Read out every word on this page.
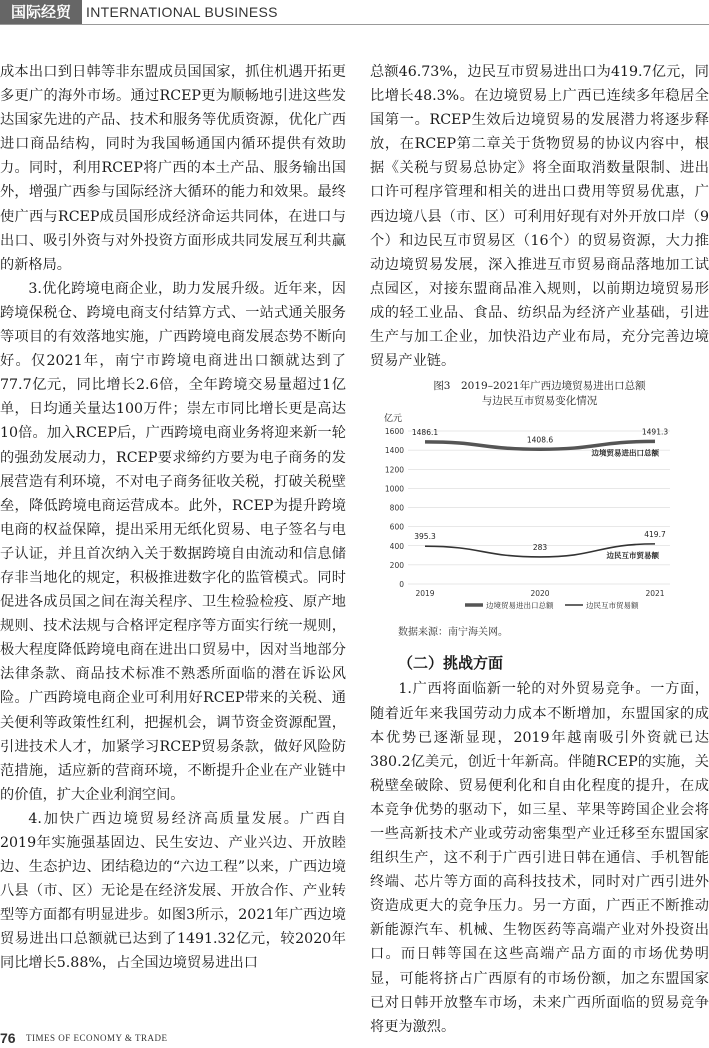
国际经贸	INTERNATIONAL BUSINESS

成本出口到日韩等非东盟成员国国家，抓住机遇开拓更多更广的海外市场。通过RCEP更为顺畅地引进这些发达国家先进的产品、技术和服务等优质资源，优化广西进口商品结构，同时为我国畅通国内循环提供有效助力。同时，利用RCEP将广西的本土产品、服务输出国外，增强广西参与国际经济大循环的能力和效果。最终使广西与RCEP成员国形成经济命运共同体，在进口与出口、吸引外资与对外投资方面形成共同发展互利共赢的新格局。

3.优化跨境电商企业，助力发展升级。近年来，因跨境保税仓、跨境电商支付结算方式、一站式通关服务等项目的有效落地实施，广西跨境电商发展态势不断向好。仅2021年，南宁市跨境电商进出口额就达到了77.7亿元，同比增长2.6倍，全年跨境交易量超过1亿单，日均通关量达100万件；崇左市同比增长更是高达10倍。加入RCEP后，广西跨境电商业务将迎来新一轮的强劲发展动力，RCEP要求缔约方要为电子商务的发展营造有利环境，不对电子商务征收关税，打破关税壁垒，降低跨境电商运营成本。此外，RCEP为提升跨境电商的权益保障，提出采用无纸化贸易、电子签名与电子认证，并且首次纳入关于数据跨境自由流动和信息储存非当地化的规定，积极推进数字化的监管模式。同时促进各成员国之间在海关程序、卫生检验检疫、原产地规则、技术法规与合格评定程序等方面实行统一规则，极大程度降低跨境电商在进出口贸易中，因对当地部分法律条款、商品技术标准不熟悉所面临的潜在诉讼风险。广西跨境电商企业可利用好RCEP带来的关税、通关便利等政策性红利，把握机会，调节资金资源配置，引进技术人才，加紧学习RCEP贸易条款，做好风险防范措施，适应新的营商环境，不断提升企业在产业链中的价值，扩大企业利润空间。

4.加快广西边境贸易经济高质量发展。广西自2019年实施强基固边、民生安边、产业兴边、开放睦边、生态护边、团结稳边的“六边工程”以来，广西边境八县（市、区）无论是在经济发展、开放合作、产业转型等方面都有明显进步。如图3所示，2021年广西边境贸易进出口总额就已达到了1491.32亿元，较2020年同比增长5.88%，占全国边境贸易进出口

总额46.73%，边民互市贸易进出口为419.7亿元，同比增长48.3%。在边境贸易上广西已连续多年稳居全国第一。RCEP生效后边境贸易的发展潜力将逐步释放，在RCEP第二章关于货物贸易的协议内容中，根据《关税与贸易总协定》将全面取消数量限制、进出口许可程序管理和相关的进出口费用等贸易优惠，广西边境八县（市、区）可利用好现有对外开放口岸（9个）和边民互市贸易区（16个）的贸易资源，大力推动边境贸易发展，深入推进互市贸易商品落地加工试点园区，对接东盟商品准入规则，以前期边境贸易形成的轻工业品、食品、纺织品为经济产业基础，引进生产与加工企业，加快沿边产业布局，充分完善边境贸易产业链。

图3　2019–2021年广西边境贸易进出口总额
与边民互市贸易变化情况
亿元
0
200
400
600
800
1000
1200
1400
1600
2019	2020	2021
1486.1
1408.6
1491.3
边境贸易进出口总额
395.3
283
419.7
边民互市贸易额
边境贸易进出口总额	边民互市贸易额
数据来源：南宁海关网。
（二）挑战方面

1.广西将面临新一轮的对外贸易竞争。一方面，随着近年来我国劳动力成本不断增加，东盟国家的成本优势已逐渐显现，2019年越南吸引外资就已达380.2亿美元，创近十年新高。伴随RCEP的实施，关税壁垒破除、贸易便利化和自由化程度的提升，在成本竞争优势的驱动下，如三星、苹果等跨国企业会将一些高新技术产业或劳动密集型产业迁移至东盟国家组织生产，这不利于广西引进日韩在通信、手机智能终端、芯片等方面的高科技技术，同时对广西引进外资造成更大的竞争压力。另一方面，广西正不断推动新能源汽车、机械、生物医药等高端产业对外投资出口。而日韩等国在这些高端产品方面的市场优势明显，可能将挤占广西原有的市场份额，加之东盟国家已对日韩开放整车市场，未来广西所面临的贸易竞争将更为激烈。

76 TIMES OF ECONOMY & TRADE
